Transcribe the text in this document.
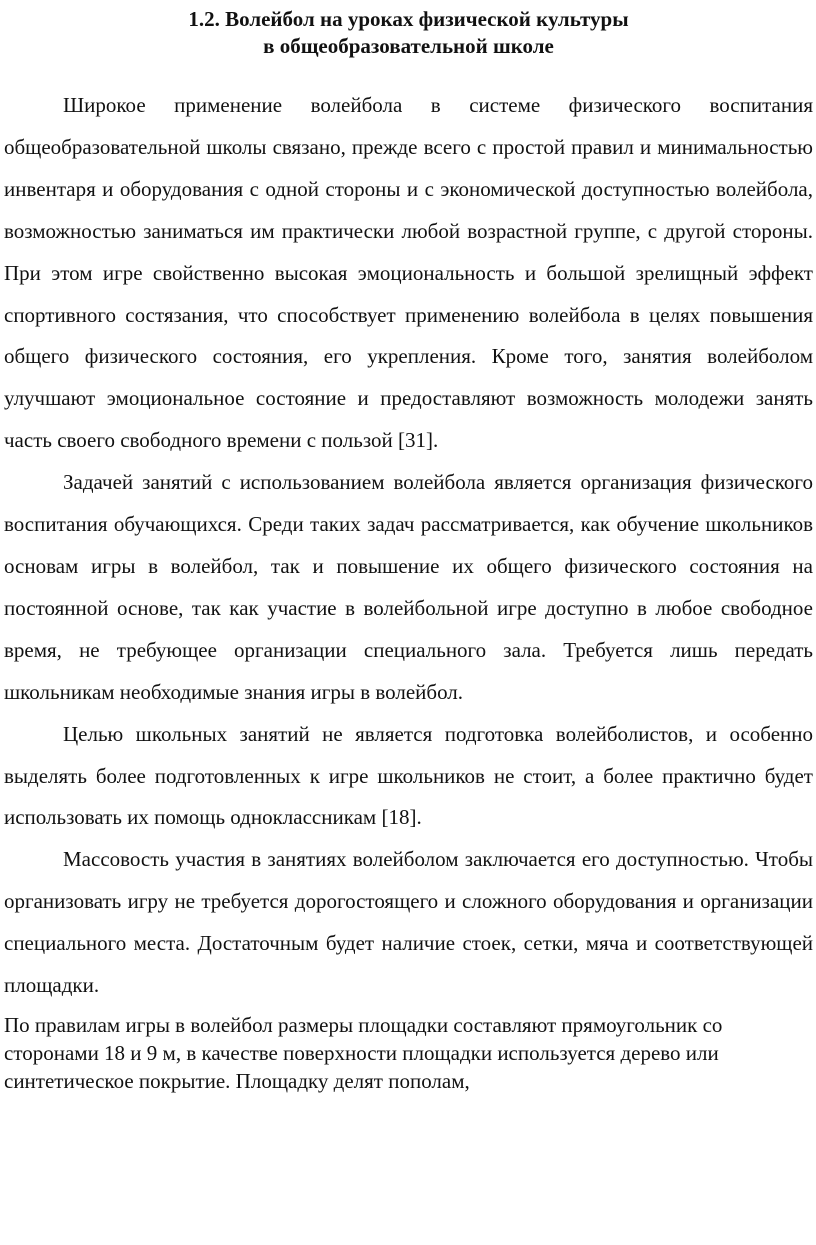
1.2. Волейбол на уроках физической культуры
в общеобразовательной школе

Широкое применение волейбола в системе физического воспитания общеобразовательной школы связано, прежде всего с простой правил и минимальностью инвентаря и оборудования с одной стороны и с экономической доступностью волейбола, возможностью заниматься им практически любой возрастной группе, с другой стороны. При этом игре свойственно высокая эмоциональность и большой зрелищный эффект спортивного состязания, что способствует применению волейбола в целях повышения общего физического состояния, его укрепления. Кроме того, занятия волейболом улучшают эмоциональное состояние и предоставляют возможность молодежи занять часть своего свободного времени с пользой [31].

Задачей занятий с использованием волейбола является организация физического воспитания обучающихся. Среди таких задач рассматривается, как обучение школьников основам игры в волейбол, так и повышение их общего физического состояния на постоянной основе, так как участие в волейбольной игре доступно в любое свободное время, не требующее организации специального зала. Требуется лишь передать школьникам необходимые знания игры в волейбол.

Целью школьных занятий не является подготовка волейболистов, и особенно выделять более подготовленных к игре школьников не стоит, а более практично будет использовать их помощь одноклассникам [18].

Массовость участия в занятиях волейболом заключается его доступностью. Чтобы организовать игру не требуется дорогостоящего и сложного оборудования и организации специального места. Достаточным будет наличие стоек, сетки, мяча и соответствующей площадки.

По правилам игры в волейбол размеры площадки составляют прямоугольник со сторонами 18 и 9 м, в качестве поверхности площадки используется дерево или синтетическое покрытие. Площадку делят пополам,
